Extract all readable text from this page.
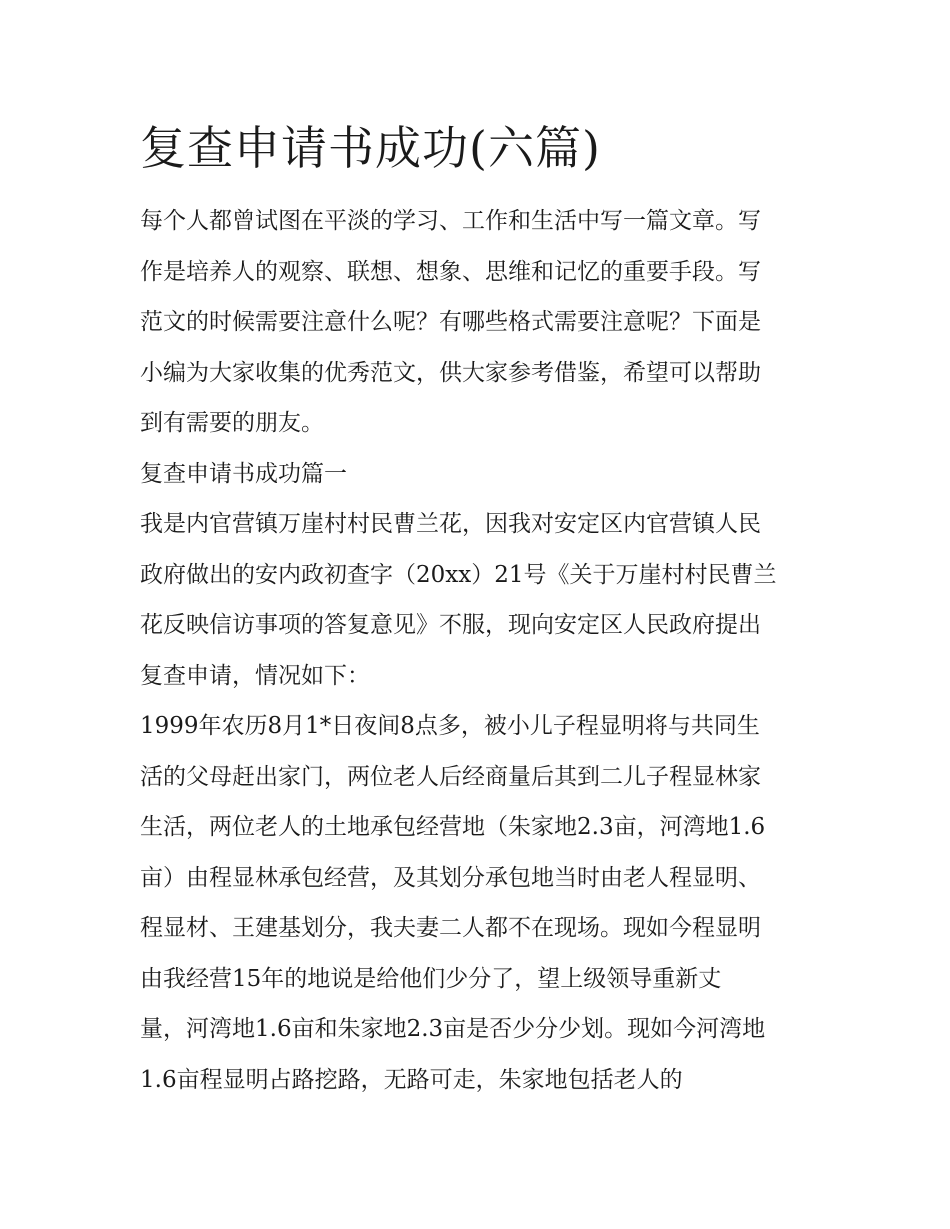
复查申请书成功(六篇)
每个人都曾试图在平淡的学习、工作和生活中写一篇文章。写
作是培养人的观察、联想、想象、思维和记忆的重要手段。写
范文的时候需要注意什么呢？有哪些格式需要注意呢？下面是
小编为大家收集的优秀范文，供大家参考借鉴，希望可以帮助
到有需要的朋友。
复查申请书成功篇一
我是内官营镇万崖村村民曹兰花，因我对安定区内官营镇人民
政府做出的安内政初查字（20xx）21号《关于万崖村村民曹兰
花反映信访事项的答复意见》不服，现向安定区人民政府提出
复查申请，情况如下：
1999年农历8月1*日夜间8点多，被小儿子程显明将与共同生
活的父母赶出家门，两位老人后经商量后其到二儿子程显林家
生活，两位老人的土地承包经营地（朱家地2.3亩，河湾地1.6
亩）由程显林承包经营，及其划分承包地当时由老人程显明、
程显材、王建基划分，我夫妻二人都不在现场。现如今程显明
由我经营15年的地说是给他们少分了，望上级领导重新丈
量，河湾地1.6亩和朱家地2.3亩是否少分少划。现如今河湾地
1.6亩程显明占路挖路，无路可走，朱家地包括老人的
